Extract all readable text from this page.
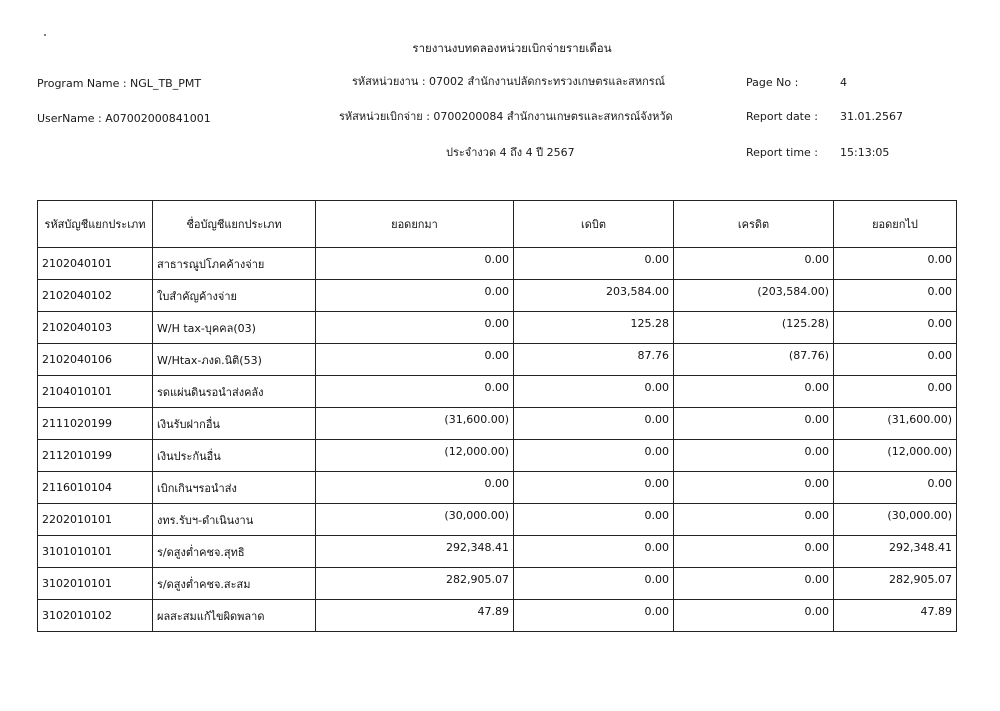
รายงานงบทดลองหน่วยเบิกจ่ายรายเดือน
Program Name : NGL_TB_PMT	รหัสหน่วยงาน : 07002 สำนักงานปลัดกระทรวงเกษตรและสหกรณ์	Page No :	4
UserName : A07002000841001	รหัสหน่วยเบิกจ่าย : 0700200084 สำนักงานเกษตรและสหกรณ์จังหวัด	Report date : 31.01.2567
ประจำงวด 4 ถึง 4 ปี 2567	Report time : 15:13:05
รหัสบัญชีแยกประเภท	ชื่อบัญชีแยกประเภท	ยอดยกมา	เดบิต	เครดิต	ยอดยกไป
2102040101	สาธารณูปโภคค้างจ่าย	0.00	0.00	0.00	0.00
2102040102	ใบสำคัญค้างจ่าย	0.00	203,584.00	(203,584.00)	0.00
2102040103	W/H tax-บุคคล(03)	0.00	125.28	(125.28)	0.00
2102040106	W/Htax-ภงด.นิติ(53)	0.00	87.76	(87.76)	0.00
2104010101	รดแผ่นดินรอนำส่งคลัง	0.00	0.00	0.00	0.00
2111020199	เงินรับฝากอื่น	(31,600.00)	0.00	0.00	(31,600.00)
2112010199	เงินประกันอื่น	(12,000.00)	0.00	0.00	(12,000.00)
2116010104	เบิกเกินฯรอนำส่ง	0.00	0.00	0.00	0.00
2202010101	งทร.รับฯ-ดำเนินงาน	(30,000.00)	0.00	0.00	(30,000.00)
3101010101	ร/ดสูงต่ำคชจ.สุทธิ	292,348.41	0.00	0.00	292,348.41
3102010101	ร/ดสูงต่ำคชจ.สะสม	282,905.07	0.00	0.00	282,905.07
3102010102	ผลสะสมแก้ไขผิดพลาด	47.89	0.00	0.00	47.89
